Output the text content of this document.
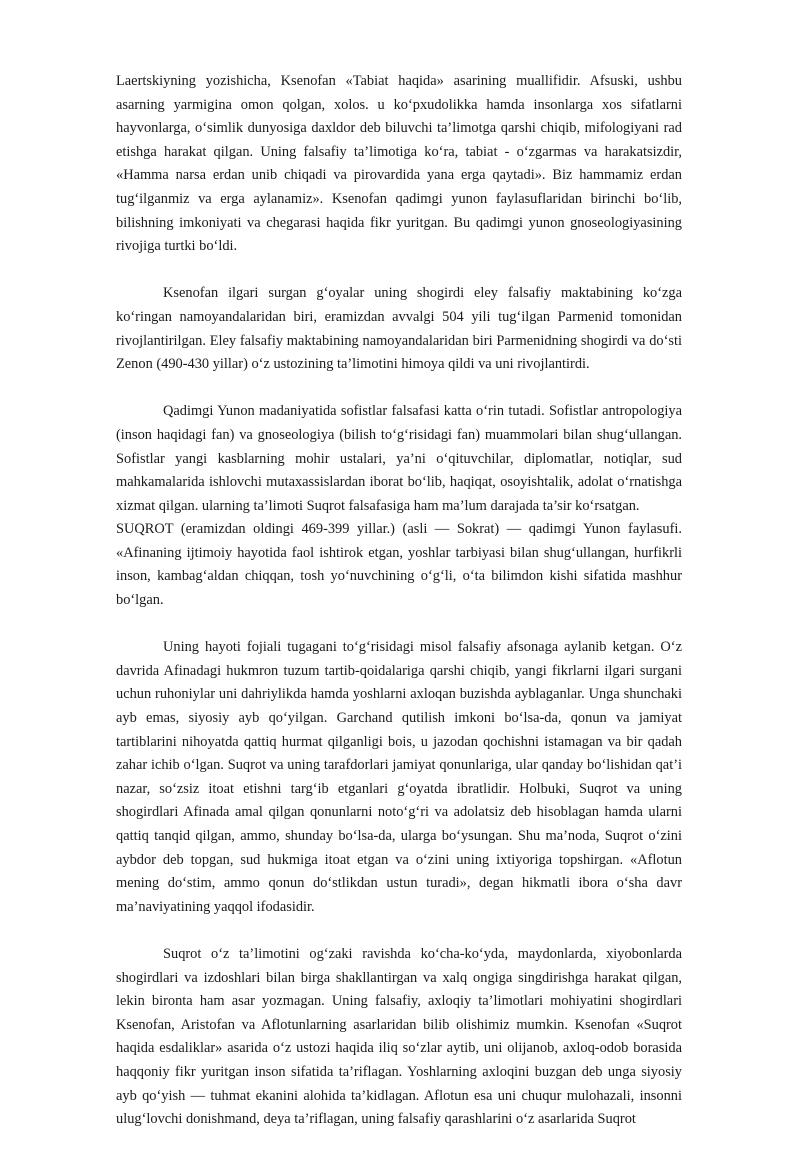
Laertskiyning yozishicha, Ksenofan «Tabiat haqida» asarining muallifidir. Afsuski, ushbu asarning yarmigina omon qolgan, xolos. u ko‘pxudolikka hamda insonlarga xos sifatlarni hayvonlarga, o‘simlik dunyosiga daxldor deb biluvchi ta’limotga qarshi chiqib, mifologiyani rad etishga harakat qilgan. Uning falsafiy ta’limotiga ko‘ra, tabiat - o‘zgarmas va harakatsizdir, «Hamma narsa erdan unib chiqadi va pirovardida yana erga qaytadi». Biz hammamiz erdan tug‘ilganmiz va erga aylanamiz». Ksenofan qadimgi yunon faylasuflaridan birinchi bo‘lib, bilishning imkoniyati va chegarasi haqida fikr yuritgan. Bu qadimgi yunon gnoseologiyasining rivojiga turtki bo‘ldi.

Ksenofan ilgari surgan g‘oyalar uning shogirdi eley falsafiy maktabining ko‘zga ko‘ringan namoyandalaridan biri, eramizdan avvalgi 504 yili tug‘ilgan Parmenid tomonidan rivojlantirilgan. Eley falsafiy maktabining namoyandalaridan biri Parmenidning shogirdi va do‘sti Zenon (490-430 yillar) o‘z ustozining ta’limotini himoya qildi va uni rivojlantirdi.

Qadimgi Yunon madaniyatida sofistlar falsafasi katta o‘rin tutadi. Sofistlar antropologiya (inson haqidagi fan) va gnoseologiya (bilish to‘g‘risidagi fan) muammolari bilan shug‘ullangan. Sofistlar yangi kasblarning mohir ustalari, ya’ni o‘qituvchilar, diplomatlar, notiqlar, sud mahkamalarida ishlovchi mutaxassislardan iborat bo‘lib, haqiqat, osoyishtalik, adolat o‘rnatishga xizmat qilgan. ularning ta’limoti Suqrot falsafasiga ham ma’lum darajada ta’sir ko‘rsatgan.

SUQROT (eramizdan oldingi 469-399 yillar.) (asli — Sokrat) — qadimgi Yunon faylasufi. «Afinaning ijtimoiy hayotida faol ishtirok etgan, yoshlar tarbiyasi bilan shug‘ullangan, hurfikrli inson, kambag‘aldan chiqqan, tosh yo‘nuvchining o‘g‘li, o‘ta bilimdon kishi sifatida mashhur bo‘lgan.

Uning hayoti fojiali tugagani to‘g‘risidagi misol falsafiy afsonaga aylanib ketgan. O‘z davrida Afinadagi hukmron tuzum tartib-qoidalariga qarshi chiqib, yangi fikrlarni ilgari surgani uchun ruhoniylar uni dahriylikda hamda yoshlarni axloqan buzishda ayblaganlar. Unga shunchaki ayb emas, siyosiy ayb qo‘yilgan. Garchand qutilish imkoni bo‘lsa-da, qonun va jamiyat tartiblarini nihoyatda qattiq hurmat qilganligi bois, u jazodan qochishni istamagan va bir qadah zahar ichib o‘lgan. Suqrot va uning tarafdorlari jamiyat qonunlariga, ular qanday bo‘lishidan qat’i nazar, so‘zsiz itoat etishni targ‘ib etganlari g‘oyatda ibratlidir. Holbuki, Suqrot va uning shogirdlari Afinada amal qilgan qonunlarni noto‘g‘ri va adolatsiz deb hisoblagan hamda ularni qattiq tanqid qilgan, ammo, shunday bo‘lsa-da, ularga bo‘ysungan. Shu ma’noda, Suqrot o‘zini aybdor deb topgan, sud hukmiga itoat etgan va o‘zini uning ixtiyoriga topshirgan. «Aflotun mening do‘stim, ammo qonun do‘stlikdan ustun turadi», degan hikmatli ibora o‘sha davr ma’naviyatining yaqqol ifodasidir.

Suqrot o‘z ta’limotini og‘zaki ravishda ko‘cha-ko‘yda, maydonlarda, xiyobonlarda shogirdlari va izdoshlari bilan birga shakllantirgan va xalq ongiga singdirishga harakat qilgan, lekin bironta ham asar yozmagan. Uning falsafiy, axloqiy ta’limotlari mohiyatini shogirdlari Ksenofan, Aristofan va Aflotunlarning asarlaridan bilib olishimiz mumkin. Ksenofan «Suqrot haqida esdaliklar» asarida o‘z ustozi haqida iliq so‘zlar aytib, uni olijanob, axloq-odob borasida haqqoniy fikr yuritgan inson sifatida ta’riflagan. Yoshlarning axloqini buzgan deb unga siyosiy ayb qo‘yish — tuhmat ekanini alohida ta’kidlagan. Aflotun esa uni chuqur mulohazali, insonni ulug‘lovchi donishmand, deya ta’riflagan, uning falsafiy qarashlarini o‘z asarlarida Suqrot
